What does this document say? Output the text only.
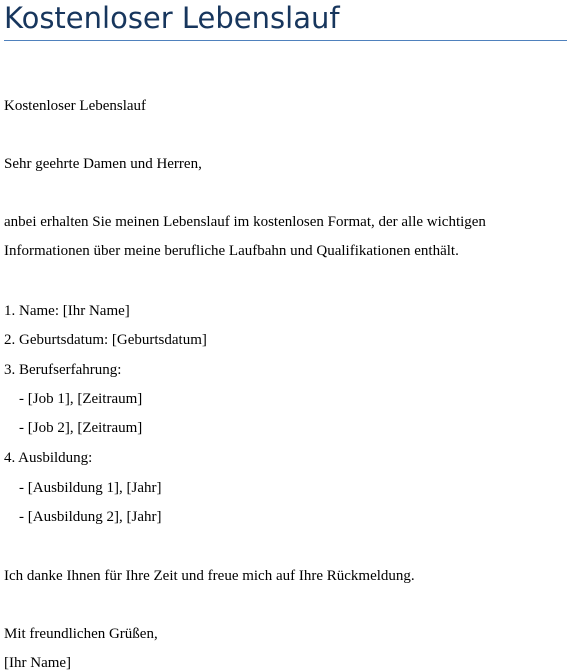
Kostenloser Lebenslauf
Kostenloser Lebenslauf
Sehr geehrte Damen und Herren,
anbei erhalten Sie meinen Lebenslauf im kostenlosen Format, der alle wichtigen
Informationen über meine berufliche Laufbahn und Qualifikationen enthält.
1. Name: [Ihr Name]
2. Geburtsdatum: [Geburtsdatum]
3. Berufserfahrung:
- [Job 1], [Zeitraum]
- [Job 2], [Zeitraum]
4. Ausbildung:
- [Ausbildung 1], [Jahr]
- [Ausbildung 2], [Jahr]
Ich danke Ihnen für Ihre Zeit und freue mich auf Ihre Rückmeldung.
Mit freundlichen Grüßen,
[Ihr Name]
